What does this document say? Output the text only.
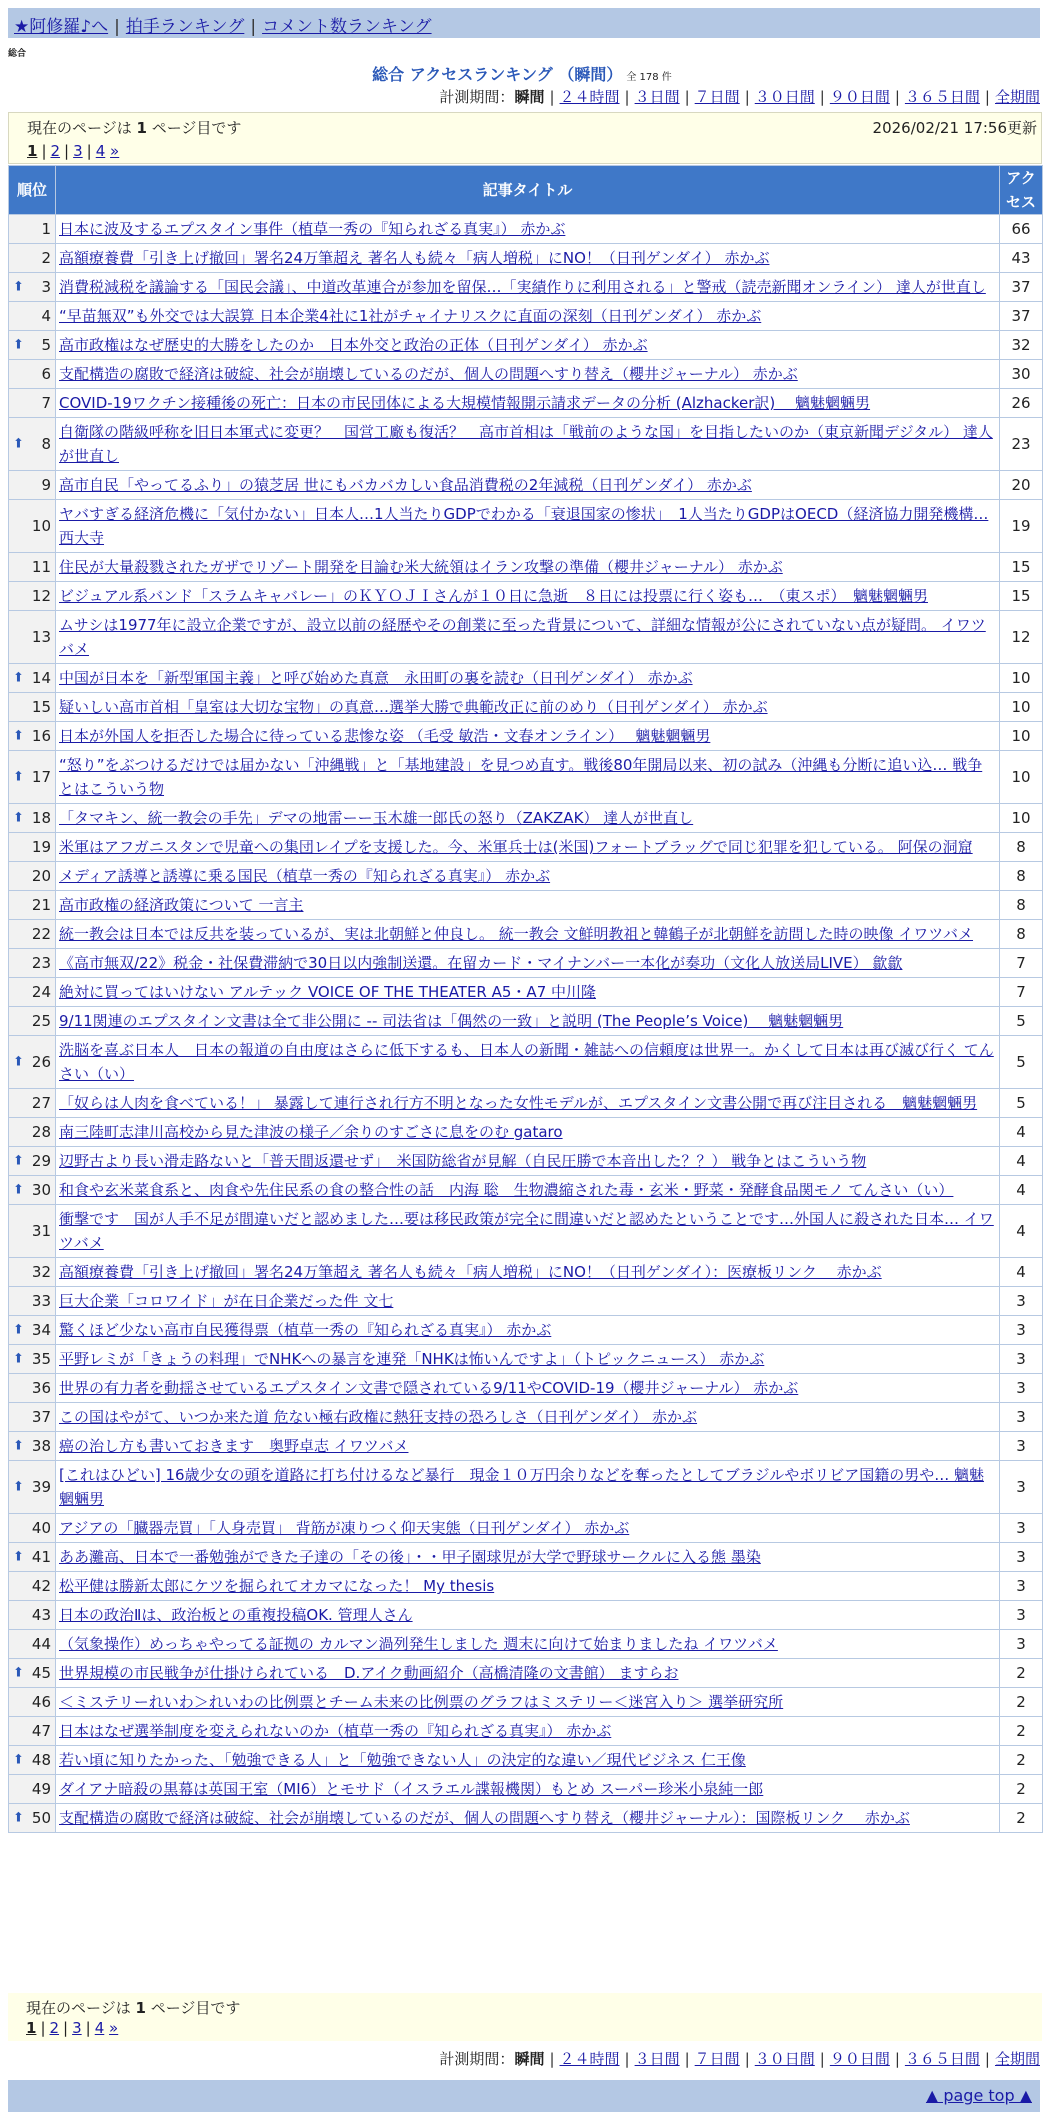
★阿修羅♪へ | 拍手ランキング | コメント数ランキング
総合
総合 アクセスランキング （瞬間） 全 178 件
計測期間：瞬間 | ２４時間 | ３日間 | ７日間 | ３０日間 | ９０日間 | ３６５日間 | 全期間
現在のページは 1 ページ目です	2026/02/21 17:56更新
1 | 2 | 3 | 4 »
順位	記事タイトル	アクセス
1	日本に波及するエプスタイン事件（植草一秀の『知られざる真実』） 赤かぶ	66
2	高額療養費「引き上げ撤回」署名24万筆超え 著名人も続々「病人増税」にNO！（日刊ゲンダイ） 赤かぶ	43

⬆ 3	消費税減税を議論する「国民会議」、中道改革連合が参加を留保…「実績作りに利用される」と警戒（読売新聞オンライン） 達人が世直し	37
4	“早苗無双”も外交では大誤算 日本企業4社に1社がチャイナリスクに直面の深刻（日刊ゲンダイ） 赤かぶ	37

⬆ 5	高市政権はなぜ歴史的大勝をしたのか　日本外交と政治の正体（日刊ゲンダイ） 赤かぶ	32
6	支配構造の腐敗で経済は破綻、社会が崩壊しているのだが、個人の問題へすり替え（櫻井ジャーナル） 赤かぶ	30
7	COVID-19ワクチン接種後の死亡：日本の市民団体による大規模情報開示請求データの分析 (Alzhacker訳)　 魑魅魍魎男	26

⬆ 8	自衛隊の階級呼称を旧日本軍式に変更？　国営工廠も復活？　高市首相は「戦前のような国」を目指したいのか（東京新聞デジタル） 達人が世直し	23
9	高市自民「やってるふり」の猿芝居 世にもバカバカしい食品消費税の2年減税（日刊ゲンダイ） 赤かぶ	20
10	ヤバすぎる経済危機に「気付かない」日本人…1人当たりGDPでわかる「衰退国家の惨状」　1人当たりGDPはOECD（経済協力開発機構… 西大寺	19
11	住民が大量殺戮されたガザでリゾート開発を目論む米大統領はイラン攻撃の準備（櫻井ジャーナル） 赤かぶ	15
12	ビジュアル系バンド「スラムキャバレー」のＫＹＯＪＩさんが１０日に急逝　８日には投票に行く姿も…　（東スポ）　魑魅魍魎男	15
13	ムサシは1977年に設立企業ですが、設立以前の経歴やその創業に至った背景について、詳細な情報が公にされていない点が疑問。 イワツバメ	12

⬆ 14	中国が日本を「新型軍国主義」と呼び始めた真意　永田町の裏を読む（日刊ゲンダイ） 赤かぶ	10
15	疑いしい高市首相「皇室は大切な宝物」の真意…選挙大勝で典範改正に前のめり（日刊ゲンダイ） 赤かぶ	10

⬆ 16	日本が外国人を拒否した場合に待っている悲惨な姿 （毛受 敏浩・文春オンライン）　 魑魅魍魎男	10

⬆ 17	“怒り”をぶつけるだけでは届かない「沖縄戦」と「基地建設」を見つめ直す。戦後80年開局以来、初の試み（沖縄も分断に追い込… 戦争とはこういう物	10

⬆ 18	「タマキン、統一教会の手先」デマの地雷ーー玉木雄一郎氏の怒り（ZAKZAK） 達人が世直し	10
19	米軍はアフガニスタンで児童への集団レイプを支援した。今、米軍兵士は(米国)フォートブラッグで同じ犯罪を犯している。 阿保の洞窟	8
20	メディア誘導と誘導に乗る国民（植草一秀の『知られざる真実』） 赤かぶ	8
21	高市政権の経済政策について 一言主	8
22	統一教会は日本では反共を装っているが、実は北朝鮮と仲良し。 統一教会 文鮮明教祖と韓鶴子が北朝鮮を訪問した時の映像 イワツバメ	8
23	《高市無双/22》税金・社保費滞納で30日以内強制送還。在留カード・マイナンバー一本化が奏功（文化人放送局LIVE） 歙歙	7
24	絶対に買ってはいけない アルテック VOICE OF THE THEATER A5・A7 中川隆	7
25	9/11関連のエプスタイン文書は全て非公開に -- 司法省は「偶然の一致」と説明 (The People’s Voice)　 魑魅魍魎男	5

⬆ 26	洗脳を喜ぶ日本人　日本の報道の自由度はさらに低下するも、日本人の新聞・雑誌への信頼度は世界一。かくして日本は再び滅び行く てんさい（い）	5
27	「奴らは人肉を食べている！」 暴露して連行され行方不明となった女性モデルが、エプスタイン文書公開で再び注目される　魑魅魍魎男	5
28	南三陸町志津川高校から見た津波の様子／余りのすごさに息をのむ gataro	4

⬆ 29	辺野古より長い滑走路ないと「普天間返還せず」　米国防総省が見解（自民圧勝で本音出した？？） 戦争とはこういう物	4

⬆ 30	和食や玄米菜食系と、肉食や先住民系の食の整合性の話　内海 聡　生物濃縮された毒・玄米・野菜・発酵食品関モノ てんさい（い）	4
31	衝撃です　国が人手不足が間違いだと認めました…要は移民政策が完全に間違いだと認めたということです…外国人に殺された日本… イワツバメ	4
32	高額療養費「引き上げ撤回」署名24万筆超え 著名人も続々「病人増税」にNO！（日刊ゲンダイ）：医療板リンク　 赤かぶ	4
33	巨大企業「コロワイド」が在日企業だった件 文七	3

⬆ 34	驚くほど少ない高市自民獲得票（植草一秀の『知られざる真実』） 赤かぶ	3

⬆ 35	平野レミが「きょうの料理」でNHKへの暴言を連発「NHKは怖いんですよ」（トピックニュース） 赤かぶ	3
36	世界の有力者を動揺させているエプスタイン文書で隠されている9/11やCOVID-19（櫻井ジャーナル） 赤かぶ	3
37	この国はやがて、いつか来た道 危ない極右政権に熱狂支持の恐ろしさ（日刊ゲンダイ） 赤かぶ	3

⬆ 38	癌の治し方も書いておきます　奥野卓志 イワツバメ	3

⬆ 39	[これはひどい] 16歳少女の頭を道路に打ち付けるなど暴行　現金１０万円余りなどを奪ったとしてブラジルやボリビア国籍の男や… 魑魅魍魎男	3
40	アジアの「臓器売買」「人身売買」 背筋が凍りつく仰天実態（日刊ゲンダイ） 赤かぶ	3

⬆ 41	ああ灘高、日本で一番勉強ができた子達の「その後」・・甲子園球児が大学で野球サークルに入る態 墨染	3
42	松平健は勝新太郎にケツを掘られてオカマになった！ My thesis	3
43	日本の政治Ⅱは、政治板との重複投稿OK. 管理人さん	3
44	（気象操作）めっちゃやってる証拠の カルマン渦列発生しました 週末に向けて始まりましたね イワツバメ	3

⬆ 45	世界規模の市民戦争が仕掛けられている　D.アイク動画紹介（高橋清隆の文書館） ますらお	2
46	＜ミステリーれいわ＞れいわの比例票とチーム未来の比例票のグラフはミステリー＜迷宮入り＞ 選挙研究所	2
47	日本はなぜ選挙制度を変えられないのか（植草一秀の『知られざる真実』） 赤かぶ	2

⬆ 48	若い頃に知りたかった、「勉強できる人」と「勉強できない人」の決定的な違い／現代ビジネス 仁王像	2
49	ダイアナ暗殺の黒幕は英国王室（MI6）とモサド（イスラエル諜報機関）もとめ スーパー珍米小泉純一郎	2

⬆ 50	支配構造の腐敗で経済は破綻、社会が崩壊しているのだが、個人の問題へすり替え（櫻井ジャーナル）：国際板リンク　 赤かぶ	2
現在のページは 1 ページ目です
1 | 2 | 3 | 4 »
計測期間：瞬間 | ２４時間 | ３日間 | ７日間 | ３０日間 | ９０日間 | ３６５日間 | 全期間
▲ page top ▲
